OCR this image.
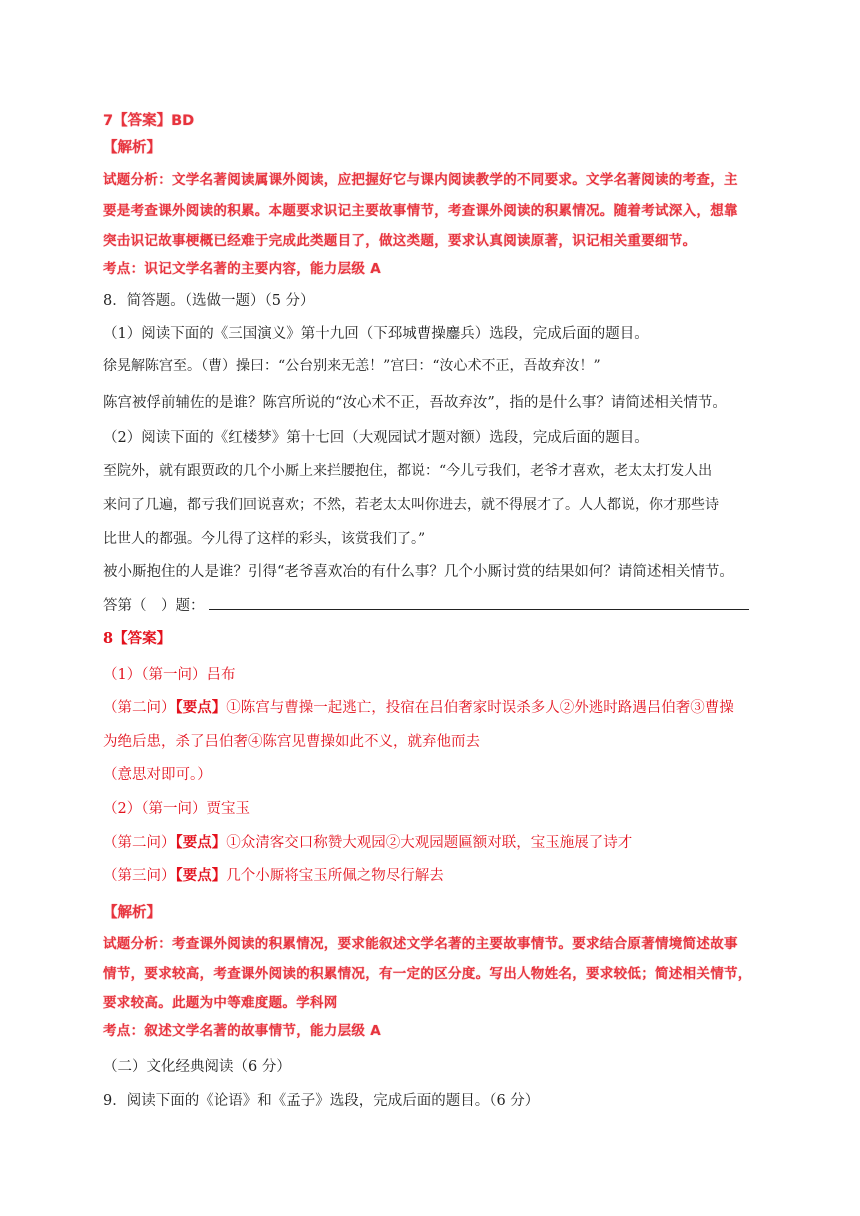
7【答案】BD
【解析】
试题分析：文学名著阅读属课外阅读，应把握好它与课内阅读教学的不同要求。文学名著阅读的考查，主
要是考查课外阅读的积累。本题要求识记主要故事情节，考查课外阅读的积累情况。随着考试深入，想靠
突击识记故事梗概已经难于完成此类题目了，做这类题，要求认真阅读原著，识记相关重要细节。
考点：识记文学名著的主要内容，能力层级 A
8．简答题。（选做一题）（5 分）
（1）阅读下面的《三国演义》第十九回（下邳城曹操鏖兵）选段，完成后面的题目。
徐晃解陈宫至。（曹）操曰：“公台别来无恙！”宫曰：“汝心术不正，吾故弃汝！”
陈宫被俘前辅佐的是谁？陈宫所说的“汝心术不正，吾故弃汝”，指的是什么事？请简述相关情节。
（2）阅读下面的《红楼梦》第十七回（大观园试才题对额）选段，完成后面的题目。
至院外，就有跟贾政的几个小厮上来拦腰抱住，都说：“今儿亏我们，老爷才喜欢，老太太打发人出
来问了几遍，都亏我们回说喜欢；不然，若老太太叫你进去，就不得展才了。人人都说，你才那些诗
比世人的都强。今儿得了这样的彩头，该赏我们了。”
被小厮抱住的人是谁？引得“老爷喜欢冶的有什么事？几个小厮讨赏的结果如何？请简述相关情节。
答第（　）题：
8【答案】
（1）（第一问）吕布
（第二问）【要点】①陈宫与曹操一起逃亡，投宿在吕伯奢家时误杀多人②外逃时路遇吕伯奢③曹操
为绝后患，杀了吕伯奢④陈宫见曹操如此不义，就弃他而去
（意思对即可。）
（2）（第一问）贾宝玉
（第二问）【要点】①众清客交口称赞大观园②大观园题匾额对联，宝玉施展了诗才
（第三问）【要点】几个小厮将宝玉所佩之物尽行解去
【解析】
试题分析：考查课外阅读的积累情况，要求能叙述文学名著的主要故事情节。要求结合原著情境简述故事
情节，要求较高，考查课外阅读的积累情况，有一定的区分度。写出人物姓名，要求较低；简述相关情节，
要求较高。此题为中等难度题。学科网
考点：叙述文学名著的故事情节，能力层级 A
（二）文化经典阅读（6 分）
9．阅读下面的《论语》和《孟子》选段，完成后面的题目。（6 分）
